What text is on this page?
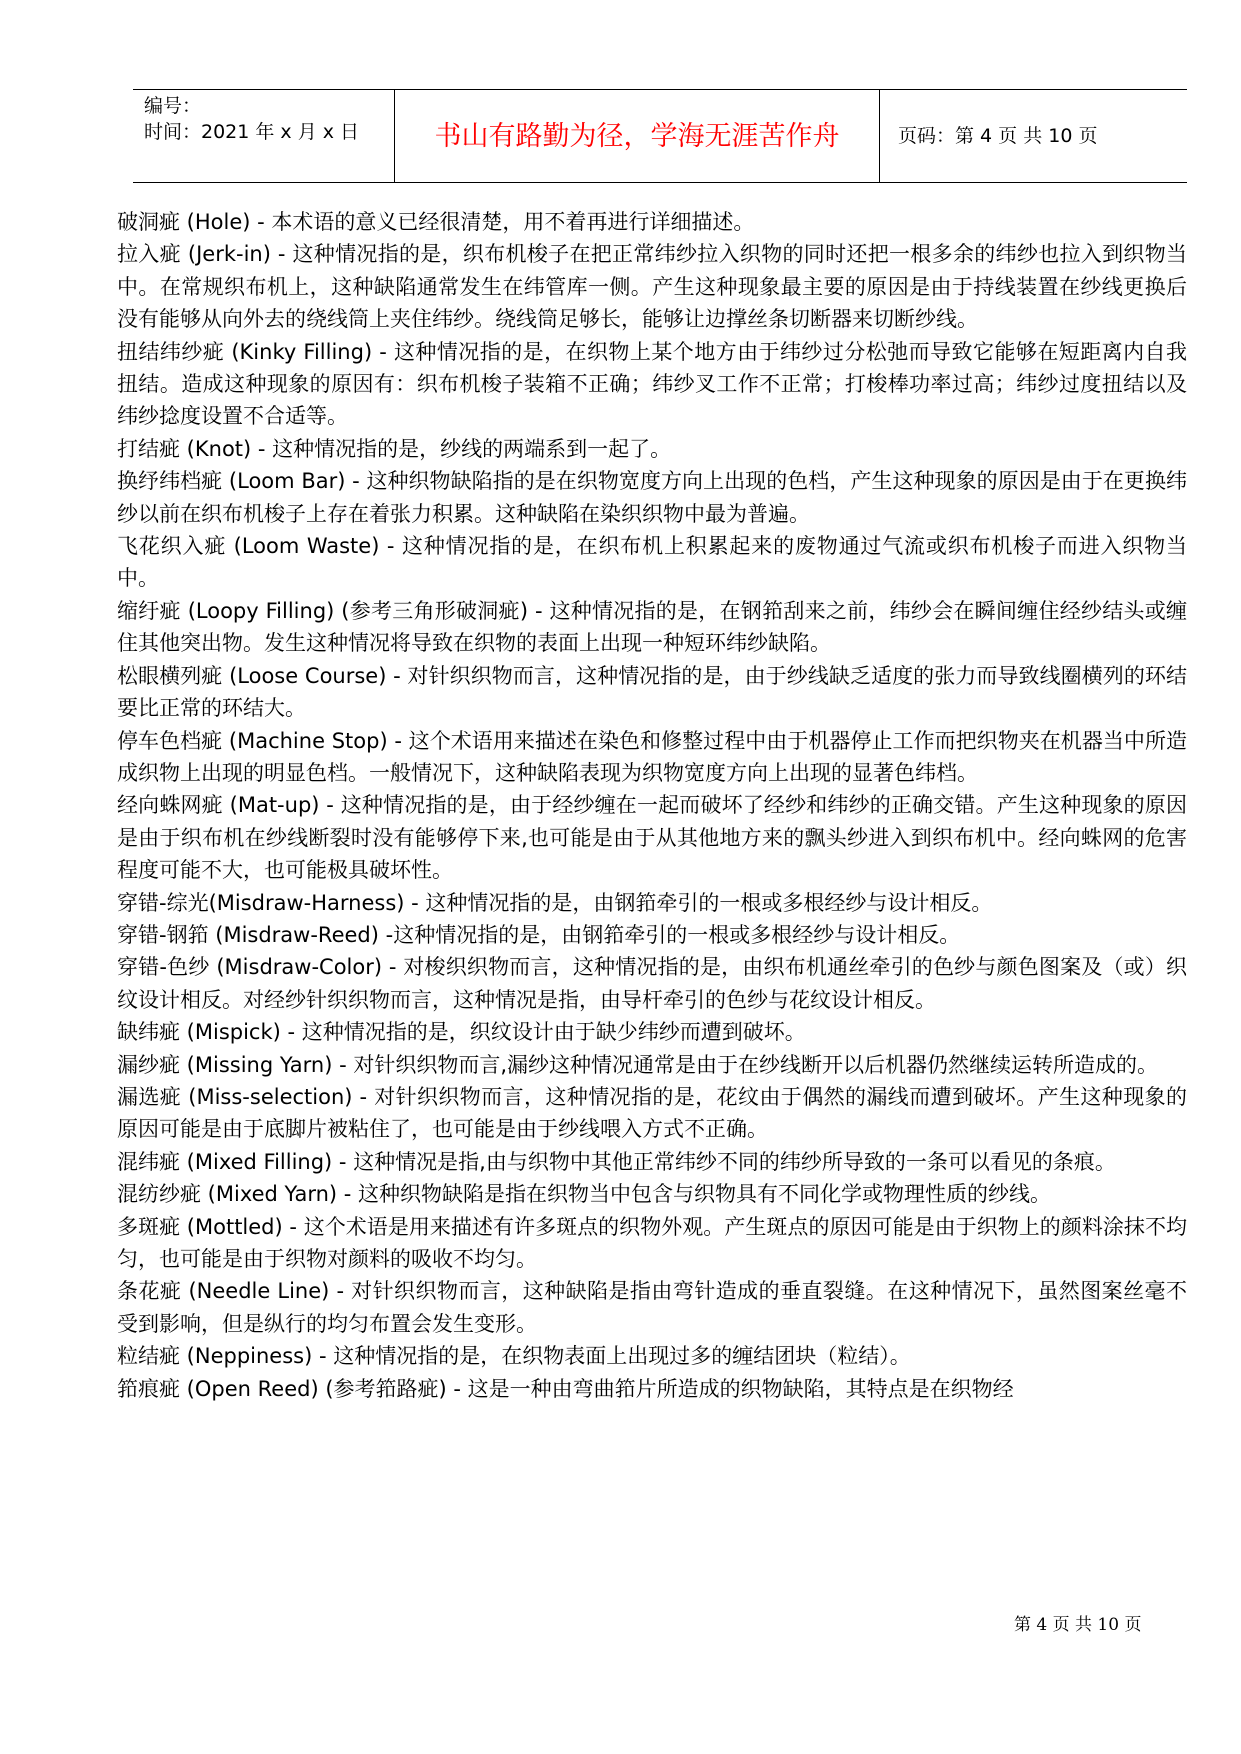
编号：
时间：2021 年 x 月 x 日	书山有路勤为径，学海无涯苦作舟	页码：第 4 页 共 10 页

破洞疵 (Hole) - 本术语的意义已经很清楚，用不着再进行详细描述。

拉入疵 (Jerk-in) - 这种情况指的是，织布机梭子在把正常纬纱拉入织物的同时还把一根多余的纬纱也拉入到织物当中。在常规织布机上，这种缺陷通常发生在纬管库一侧。产生这种现象最主要的原因是由于持线装置在纱线更换后没有能够从向外去的绕线筒上夹住纬纱。绕线筒足够长，能够让边撑丝条切断器来切断纱线。

扭结纬纱疵 (Kinky Filling) - 这种情况指的是，在织物上某个地方由于纬纱过分松弛而导致它能够在短距离内自我扭结。造成这种现象的原因有：织布机梭子装箱不正确；纬纱叉工作不正常；打梭棒功率过高；纬纱过度扭结以及纬纱捻度设置不合适等。

打结疵 (Knot) - 这种情况指的是，纱线的两端系到一起了。

换纾纬档疵 (Loom Bar) - 这种织物缺陷指的是在织物宽度方向上出现的色档，产生这种现象的原因是由于在更换纬纱以前在织布机梭子上存在着张力积累。这种缺陷在染织织物中最为普遍。

飞花织入疵 (Loom Waste) - 这种情况指的是，在织布机上积累起来的废物通过气流或织布机梭子而进入织物当中。

缩纡疵 (Loopy Filling) (参考三角形破洞疵) - 这种情况指的是，在钢筘刮来之前，纬纱会在瞬间缠住经纱结头或缠住其他突出物。发生这种情况将导致在织物的表面上出现一种短环纬纱缺陷。

松眼横列疵 (Loose Course) - 对针织织物而言，这种情况指的是，由于纱线缺乏适度的张力而导致线圈横列的环结要比正常的环结大。

停车色档疵 (Machine Stop) - 这个术语用来描述在染色和修整过程中由于机器停止工作而把织物夹在机器当中所造成织物上出现的明显色档。一般情况下，这种缺陷表现为织物宽度方向上出现的显著色纬档。

经向蛛网疵 (Mat-up) - 这种情况指的是，由于经纱缠在一起而破坏了经纱和纬纱的正确交错。产生这种现象的原因是由于织布机在纱线断裂时没有能够停下来,也可能是由于从其他地方来的飘头纱进入到织布机中。经向蛛网的危害程度可能不大，也可能极具破坏性。

穿错-综光(Misdraw-Harness) - 这种情况指的是，由钢筘牵引的一根或多根经纱与设计相反。

穿错-钢筘 (Misdraw-Reed) -这种情况指的是，由钢筘牵引的一根或多根经纱与设计相反。

穿错-色纱 (Misdraw-Color) - 对梭织织物而言，这种情况指的是，由织布机通丝牵引的色纱与颜色图案及（或）织纹设计相反。对经纱针织织物而言，这种情况是指，由导杆牵引的色纱与花纹设计相反。

缺纬疵 (Mispick) - 这种情况指的是，织纹设计由于缺少纬纱而遭到破坏。

漏纱疵 (Missing Yarn) - 对针织织物而言,漏纱这种情况通常是由于在纱线断开以后机器仍然继续运转所造成的。

漏选疵 (Miss-selection) - 对针织织物而言，这种情况指的是，花纹由于偶然的漏线而遭到破坏。产生这种现象的原因可能是由于底脚片被粘住了，也可能是由于纱线喂入方式不正确。

混纬疵 (Mixed Filling) - 这种情况是指,由与织物中其他正常纬纱不同的纬纱所导致的一条可以看见的条痕。

混纺纱疵 (Mixed Yarn) - 这种织物缺陷是指在织物当中包含与织物具有不同化学或物理性质的纱线。

多斑疵 (Mottled) - 这个术语是用来描述有许多斑点的织物外观。产生斑点的原因可能是由于织物上的颜料涂抹不均匀，也可能是由于织物对颜料的吸收不均匀。

条花疵 (Needle Line) - 对针织织物而言，这种缺陷是指由弯针造成的垂直裂缝。在这种情况下，虽然图案丝毫不受到影响，但是纵行的均匀布置会发生变形。

粒结疵 (Neppiness) - 这种情况指的是，在织物表面上出现过多的缠结团块（粒结）。

筘痕疵 (Open Reed) (参考筘路疵) - 这是一种由弯曲筘片所造成的织物缺陷，其特点是在织物经

第 4 页 共 10 页
